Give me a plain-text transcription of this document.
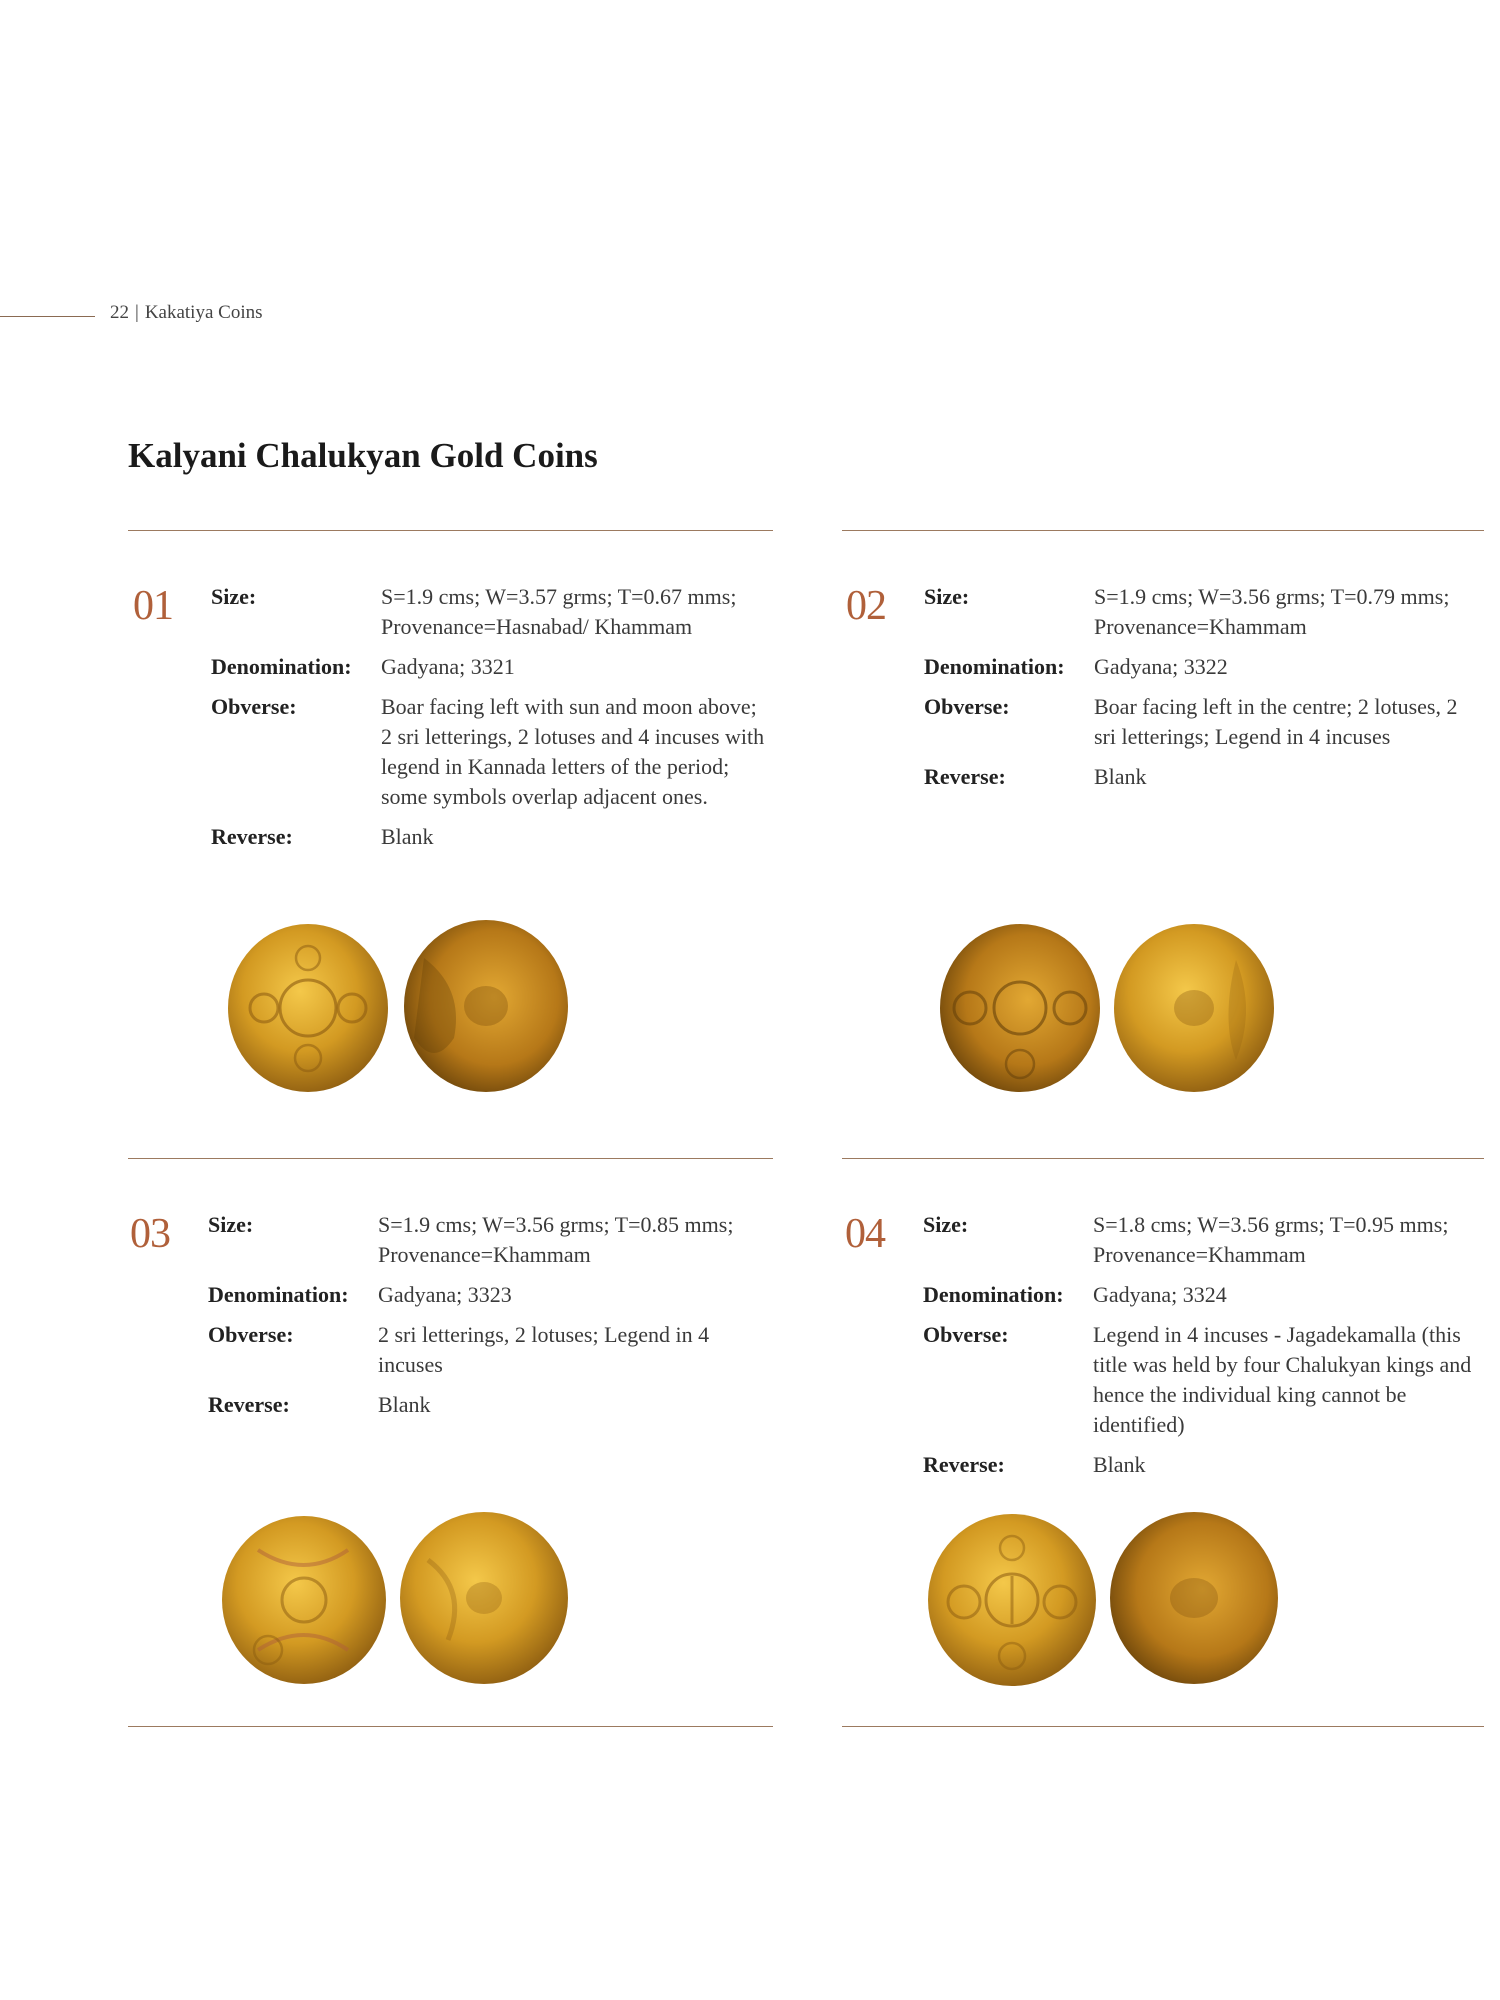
22 | Kakatiya Coins
Kalyani Chalukyan Gold Coins
01 Size:	S=1.9 cms; W=3.57 grms; T=0.67 mms; Provenance=Hasnabad/ Khammam
Denomination:	Gadyana; 3321
Obverse:	Boar facing left with sun and moon above; 2 sri letterings, 2 lotuses and 4 incuses with legend in Kannada letters of the period; some symbols overlap adjacent ones.
Reverse:	Blank
02 Size:	S=1.9 cms; W=3.56 grms; T=0.79 mms; Provenance=Khammam
Denomination:	Gadyana; 3322
Obverse:	Boar facing left in the centre; 2 lotuses, 2 sri letterings; Legend in 4 incuses
Reverse:	Blank
03 Size:	S=1.9 cms; W=3.56 grms; T=0.85 mms; Provenance=Khammam
Denomination:	Gadyana; 3323
Obverse:	2 sri letterings, 2 lotuses; Legend in 4 incuses
Reverse:	Blank
04 Size:	S=1.8 cms; W=3.56 grms; T=0.95 mms; Provenance=Khammam
Denomination:	Gadyana; 3324
Obverse:	Legend in 4 incuses - Jagadekamalla (this title was held by four Chalukyan kings and hence the individual king cannot be identified)
Reverse:	Blank
